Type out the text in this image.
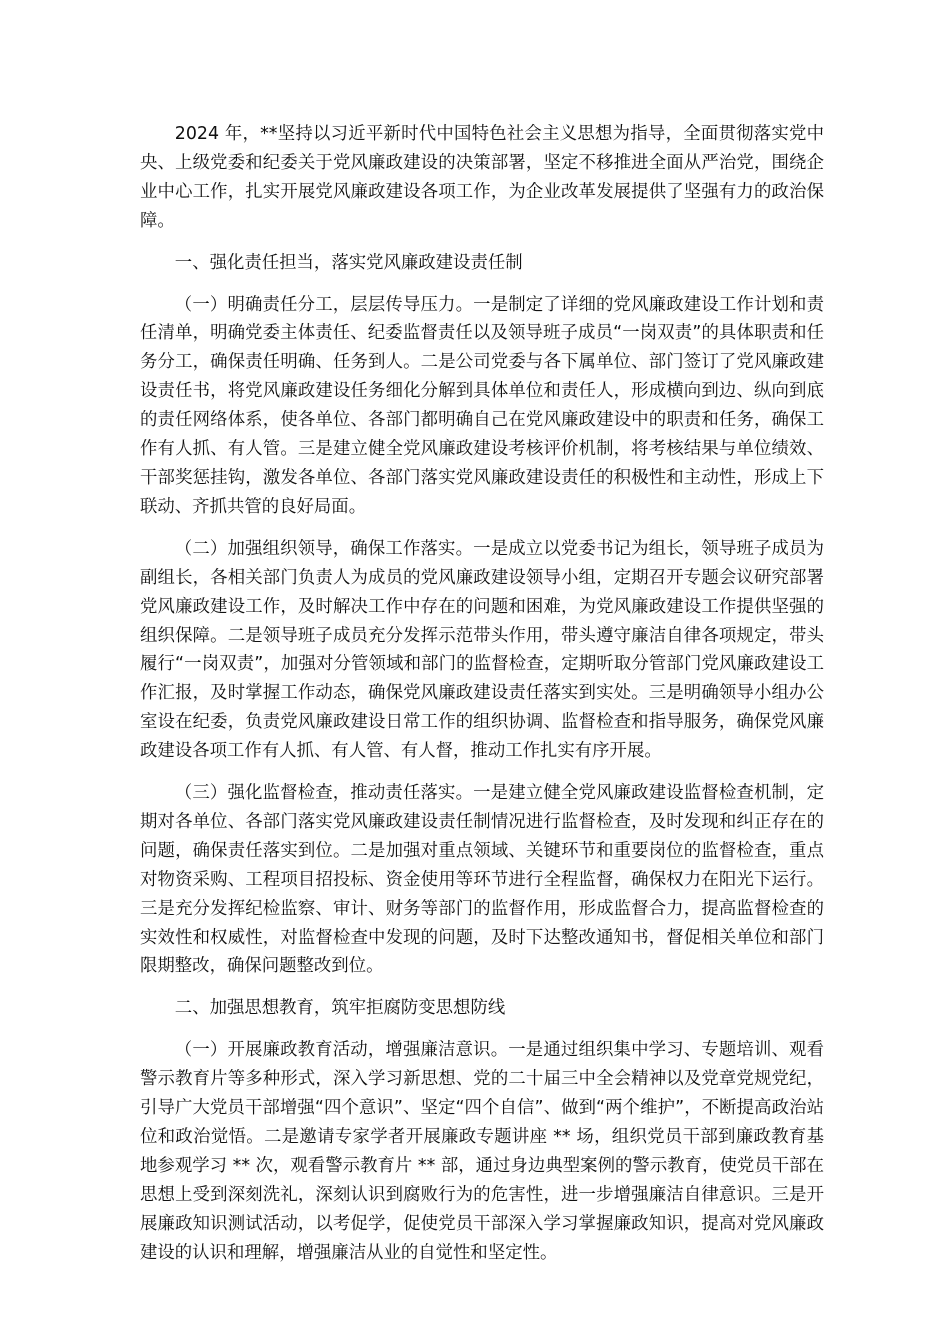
2024 年，**坚持以习近平新时代中国特色社会主义思想为指导，全面贯彻落实党中央、上级党委和纪委关于党风廉政建设的决策部署，坚定不移推进全面从严治党，围绕企业中心工作，扎实开展党风廉政建设各项工作，为企业改革发展提供了坚强有力的政治保障。

一、强化责任担当，落实党风廉政建设责任制

（一）明确责任分工，层层传导压力。一是制定了详细的党风廉政建设工作计划和责任清单，明确党委主体责任、纪委监督责任以及领导班子成员“一岗双责”的具体职责和任务分工，确保责任明确、任务到人。二是公司党委与各下属单位、部门签订了党风廉政建设责任书，将党风廉政建设任务细化分解到具体单位和责任人，形成横向到边、纵向到底的责任网络体系，使各单位、各部门都明确自己在党风廉政建设中的职责和任务，确保工作有人抓、有人管。三是建立健全党风廉政建设考核评价机制，将考核结果与单位绩效、干部奖惩挂钩，激发各单位、各部门落实党风廉政建设责任的积极性和主动性，形成上下联动、齐抓共管的良好局面。

（二）加强组织领导，确保工作落实。一是成立以党委书记为组长，领导班子成员为副组长，各相关部门负责人为成员的党风廉政建设领导小组，定期召开专题会议研究部署党风廉政建设工作，及时解决工作中存在的问题和困难，为党风廉政建设工作提供坚强的组织保障。二是领导班子成员充分发挥示范带头作用，带头遵守廉洁自律各项规定，带头履行“一岗双责”，加强对分管领域和部门的监督检查，定期听取分管部门党风廉政建设工作汇报，及时掌握工作动态，确保党风廉政建设责任落实到实处。三是明确领导小组办公室设在纪委，负责党风廉政建设日常工作的组织协调、监督检查和指导服务，确保党风廉政建设各项工作有人抓、有人管、有人督，推动工作扎实有序开展。

（三）强化监督检查，推动责任落实。一是建立健全党风廉政建设监督检查机制，定期对各单位、各部门落实党风廉政建设责任制情况进行监督检查，及时发现和纠正存在的问题，确保责任落实到位。二是加强对重点领域、关键环节和重要岗位的监督检查，重点对物资采购、工程项目招投标、资金使用等环节进行全程监督，确保权力在阳光下运行。三是充分发挥纪检监察、审计、财务等部门的监督作用，形成监督合力，提高监督检查的实效性和权威性，对监督检查中发现的问题，及时下达整改通知书，督促相关单位和部门限期整改，确保问题整改到位。

二、加强思想教育，筑牢拒腐防变思想防线

（一）开展廉政教育活动，增强廉洁意识。一是通过组织集中学习、专题培训、观看警示教育片等多种形式，深入学习新思想、党的二十届三中全会精神以及党章党规党纪，引导广大党员干部增强“四个意识”、坚定“四个自信”、做到“两个维护”，不断提高政治站位和政治觉悟。二是邀请专家学者开展廉政专题讲座 ** 场，组织党员干部到廉政教育基地参观学习 ** 次，观看警示教育片 ** 部，通过身边典型案例的警示教育，使党员干部在思想上受到深刻洗礼，深刻认识到腐败行为的危害性，进一步增强廉洁自律意识。三是开展廉政知识测试活动，以考促学，促使党员干部深入学习掌握廉政知识，提高对党风廉政建设的认识和理解，增强廉洁从业的自觉性和坚定性。
